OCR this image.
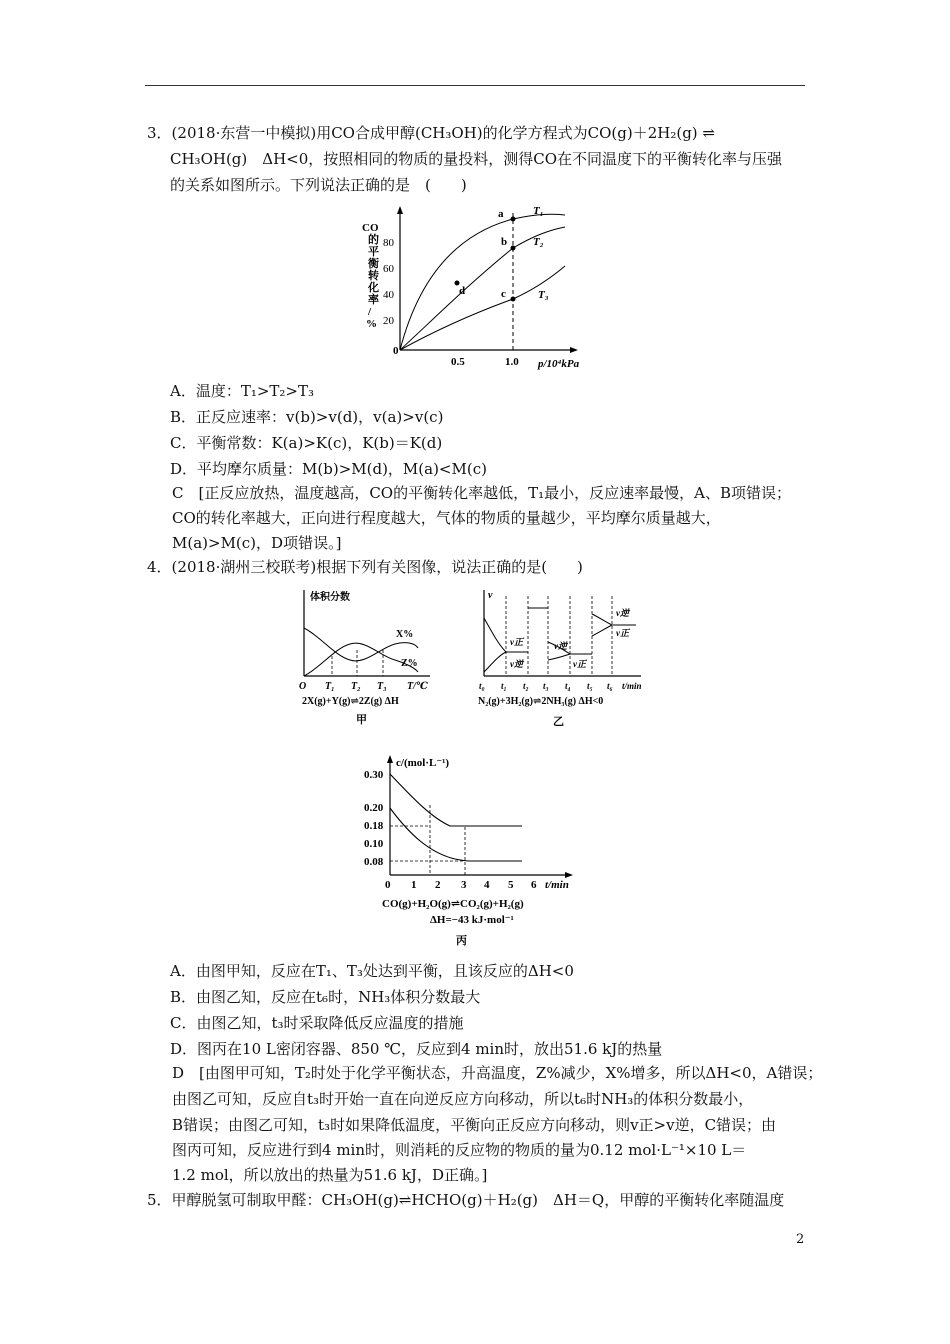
3．(2018·东营一中模拟)用CO合成甲醇(CH₃OH)的化学方程式为CO(g)＋2H₂(g) ⇌
CH₃OH(g)　ΔH<0，按照相同的物质的量投料，测得CO在不同温度下的平衡转化率与压强
的关系如图所示。下列说法正确的是　(　　)
CO
的
平
衡
转
化
率
/
%
80
60
40
20
0
0.5	1.0 p/10⁴kPa
a
b
c
d
T₁
T₂
T₃
A．温度：T₁>T₂>T₃
B．正反应速率：v(b)>v(d)，v(a)>v(c)
C．平衡常数：K(a)>K(c)，K(b)＝K(d)
D．平均摩尔质量：M(b)>M(d)，M(a)<M(c)
C　[正反应放热，温度越高，CO的平衡转化率越低，T₁最小，反应速率最慢，A、B项错误；
CO的转化率越大，正向进行程度越大，气体的物质的量越少，平均摩尔质量越大，
M(a)>M(c)，D项错误。]
4．(2018·湖州三校联考)根据下列有关图像，说法正确的是(　　)
体积分数
X%
Z%
O T₁ T₂ T₃ T/℃
2X(g)+Y(g)⇌2Z(g) ΔH
甲
v
v正
v逆
v逆
v正
v逆
v正
t₀ t₁ t₂ t₃ t₄ t₅ t₆ t/min
N₂(g)+3H₂(g)⇌2NH₃(g) ΔH<0
乙
c/(mol·L⁻¹)
0.30
0.20
0.18
0.10
0.08
0 1 2 3 4 5 6 t/min
CO(g)+H₂O(g)⇌CO₂(g)+H₂(g)
ΔH=−43 kJ·mol⁻¹
丙
A．由图甲知，反应在T₁、T₃处达到平衡，且该反应的ΔH<0
B．由图乙知，反应在t₆时，NH₃体积分数最大
C．由图乙知，t₃时采取降低反应温度的措施
D．图丙在10 L密闭容器、850 ℃，反应到4 min时，放出51.6 kJ的热量
D　[由图甲可知，T₂时处于化学平衡状态，升高温度，Z%减少，X%增多，所以ΔH<0，A错误；
由图乙可知，反应自t₃时开始一直在向逆反应方向移动，所以t₆时NH₃的体积分数最小，
B错误；由图乙可知，t₃时如果降低温度，平衡向正反应方向移动，则v正>v逆，C错误；由
图丙可知，反应进行到4 min时，则消耗的反应物的物质的量为0.12 mol·L⁻¹×10 L＝
1.2 mol，所以放出的热量为51.6 kJ，D正确。]
5．甲醇脱氢可制取甲醛：CH₃OH(g)⇌HCHO(g)＋H₂(g)　ΔH＝Q，甲醇的平衡转化率随温度
2
